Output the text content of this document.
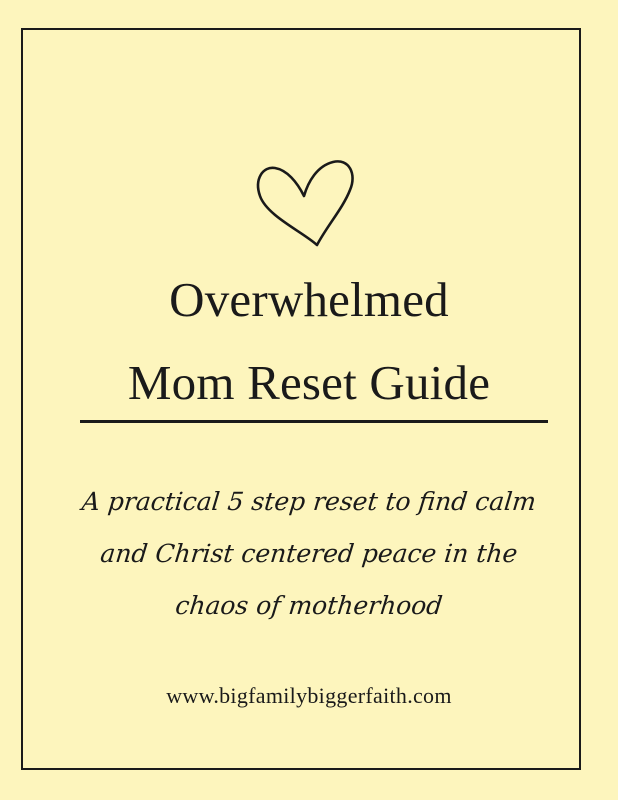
Overwhelmed
Mom Reset Guide
A practical 5 step reset to find calm
and Christ centered peace in the
chaos of motherhood
www.bigfamilybiggerfaith.com
